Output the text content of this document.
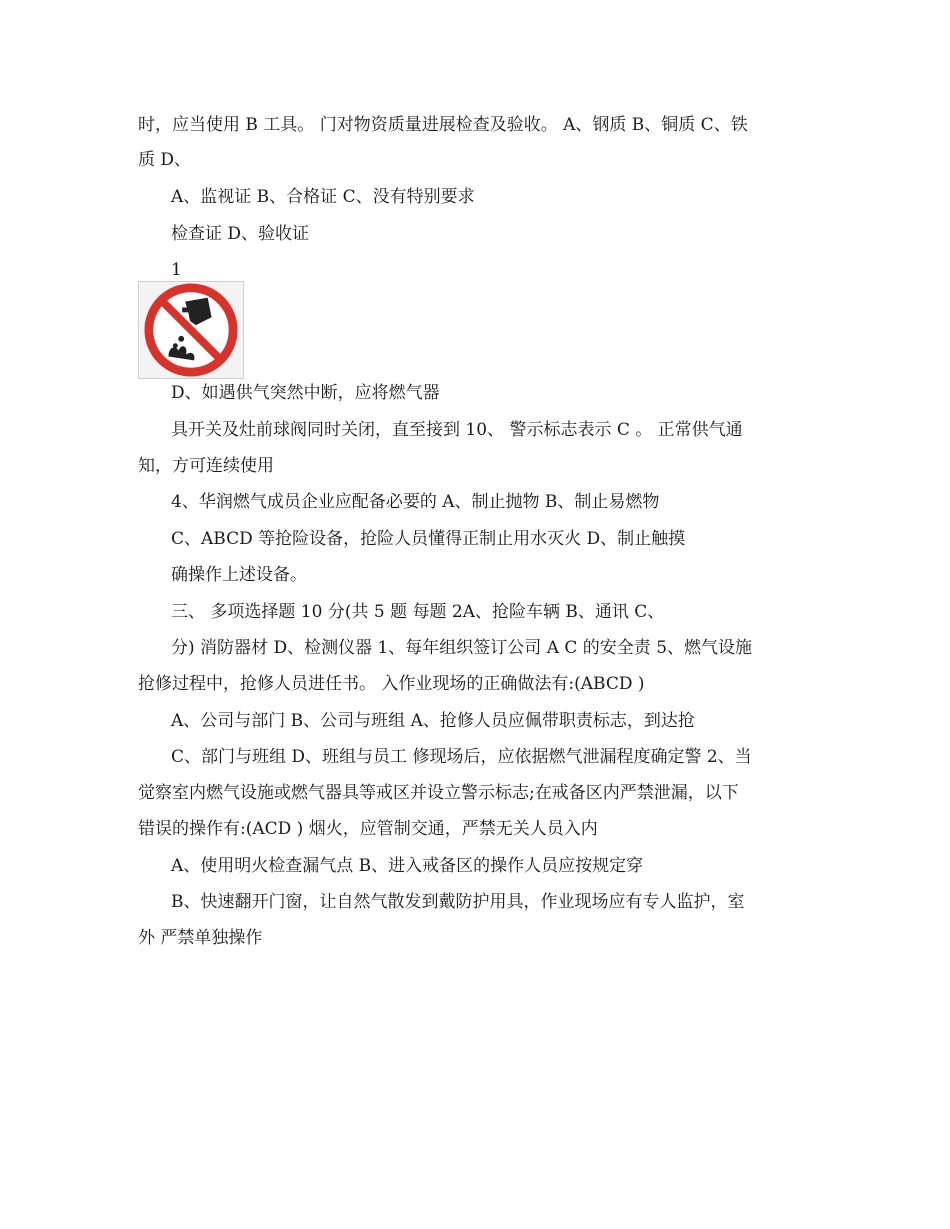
时，应当使用 B 工具。 门对物资质量进展检查及验收。 A、钢质 B、铜质 C、铁
质 D、
A、监视证 B、合格证 C、没有特别要求
检查证 D、验收证
1
D、如遇供气突然中断，应将燃气器
具开关及灶前球阀同时关闭，直至接到 10、 警示标志表示 C 。 正常供气通
知，方可连续使用
4、华润燃气成员企业应配备必要的 A、制止抛物 B、制止易燃物
C、ABCD 等抢险设备，抢险人员懂得正制止用水灭火 D、制止触摸
确操作上述设备。
三、 多项选择题 10 分(共 5 题 每题 2A、抢险车辆 B、通讯 C、
分) 消防器材 D、检测仪器 1、每年组织签订公司 A C 的安全责 5、燃气设施
抢修过程中，抢修人员进任书。 入作业现场的正确做法有:(ABCD )
A、公司与部门 B、公司与班组 A、抢修人员应佩带职责标志，到达抢
C、部门与班组 D、班组与员工 修现场后，应依据燃气泄漏程度确定警 2、当
觉察室内燃气设施或燃气器具等戒区并设立警示标志;在戒备区内严禁泄漏，以下
错误的操作有:(ACD ) 烟火，应管制交通，严禁无关人员入内
A、使用明火检查漏气点 B、进入戒备区的操作人员应按规定穿
B、快速翻开门窗，让自然气散发到戴防护用具，作业现场应有专人监护，室
外 严禁单独操作
